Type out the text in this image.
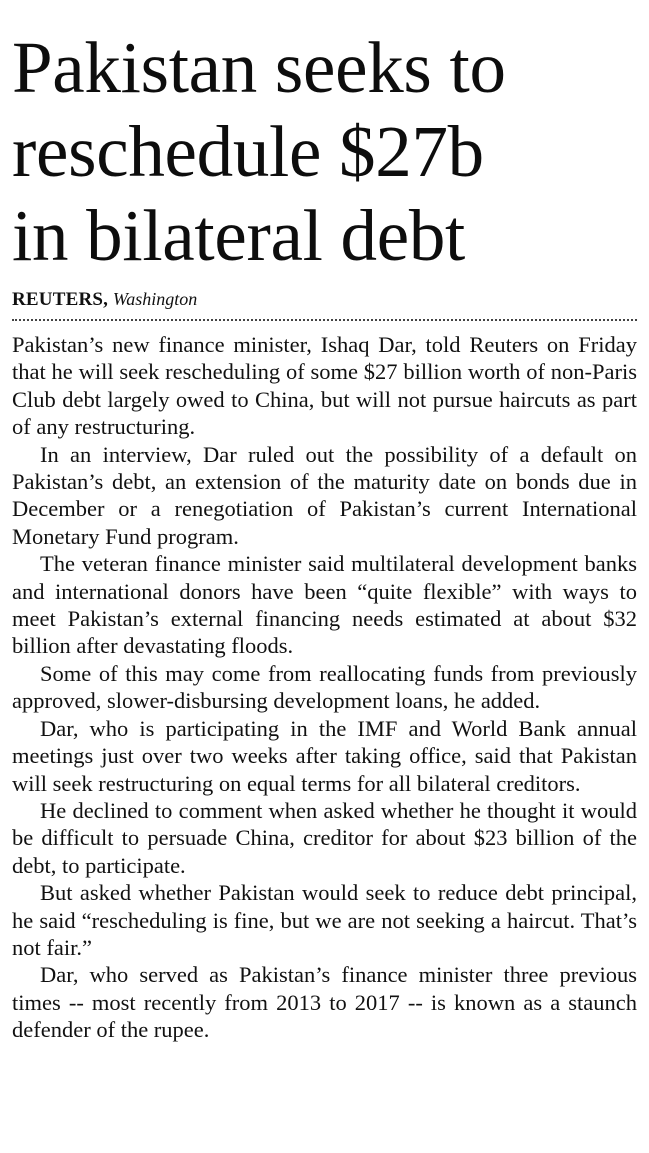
Pakistan seeks to
reschedule $27b
in bilateral debt
REUTERS, Washington

Pakistan’s new finance minister, Ishaq Dar, told Reuters on Friday that he will seek rescheduling of some $27 billion worth of non-Paris Club debt largely owed to China, but will not pursue haircuts as part of any restructuring.

In an interview, Dar ruled out the possibility of a default on Pakistan’s debt, an extension of the maturity date on bonds due in December or a renegotiation of Pakistan’s current International Monetary Fund program.

The veteran finance minister said multilateral development banks and international donors have been “quite flexible” with ways to meet Pakistan’s external financing needs estimated at about $32 billion after devastating floods.

Some of this may come from reallocating funds from previously approved, slower-disbursing development loans, he added.

Dar, who is participating in the IMF and World Bank annual meetings just over two weeks after taking office, said that Pakistan will seek restructuring on equal terms for all bilateral creditors.

He declined to comment when asked whether he thought it would be difficult to persuade China, creditor for about $23 billion of the debt, to participate.

But asked whether Pakistan would seek to reduce debt principal, he said “rescheduling is fine, but we are not seeking a haircut. That’s not fair.”

Dar, who served as Pakistan’s finance minister three previous times -- most recently from 2013 to 2017 -- is known as a staunch defender of the rupee.
